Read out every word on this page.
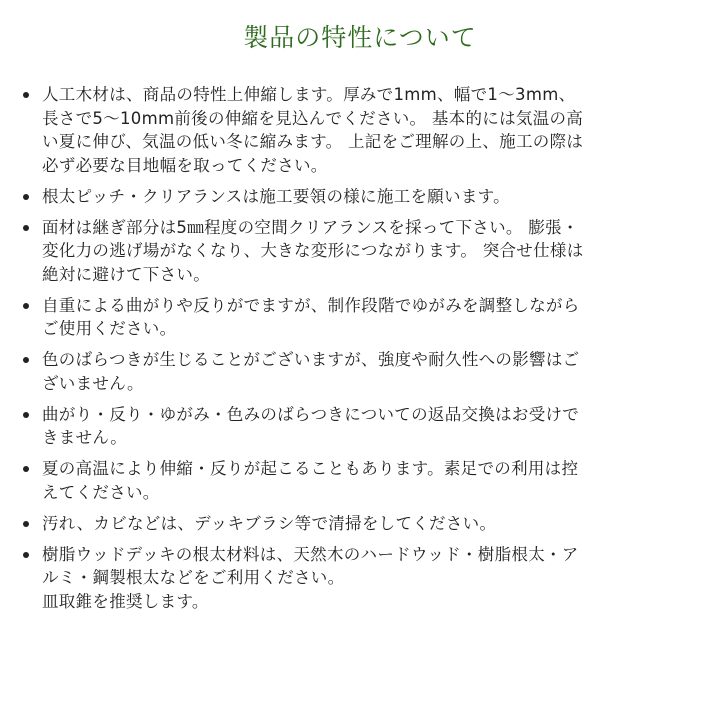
製品の特性について
人工木材は、商品の特性上伸縮します。厚みで1mm、幅で1～3mm、
長さで5～10mm前後の伸縮を見込んでください。 基本的には気温の高
い夏に伸び、気温の低い冬に縮みます。 上記をご理解の上、施工の際は
必ず必要な目地幅を取ってください。
根太ピッチ・クリアランスは施工要領の様に施工を願います。
面材は継ぎ部分は5㎜程度の空間クリアランスを採って下さい。 膨張・
変化力の逃げ場がなくなり、大きな変形につながります。 突合せ仕様は
絶対に避けて下さい。
自重による曲がりや反りがでますが、制作段階でゆがみを調整しながら
ご使用ください。
色のばらつきが生じることがございますが、強度や耐久性への影響はご
ざいません。
曲がり・反り・ゆがみ・色みのばらつきについての返品交換はお受けで
きません。
夏の高温により伸縮・反りが起こることもあります。素足での利用は控
えてください。
汚れ、カビなどは、デッキブラシ等で清掃をしてください。
樹脂ウッドデッキの根太材料は、天然木のハードウッド・樹脂根太・ア
ルミ・鋼製根太などをご利用ください。
皿取錐を推奨します。
